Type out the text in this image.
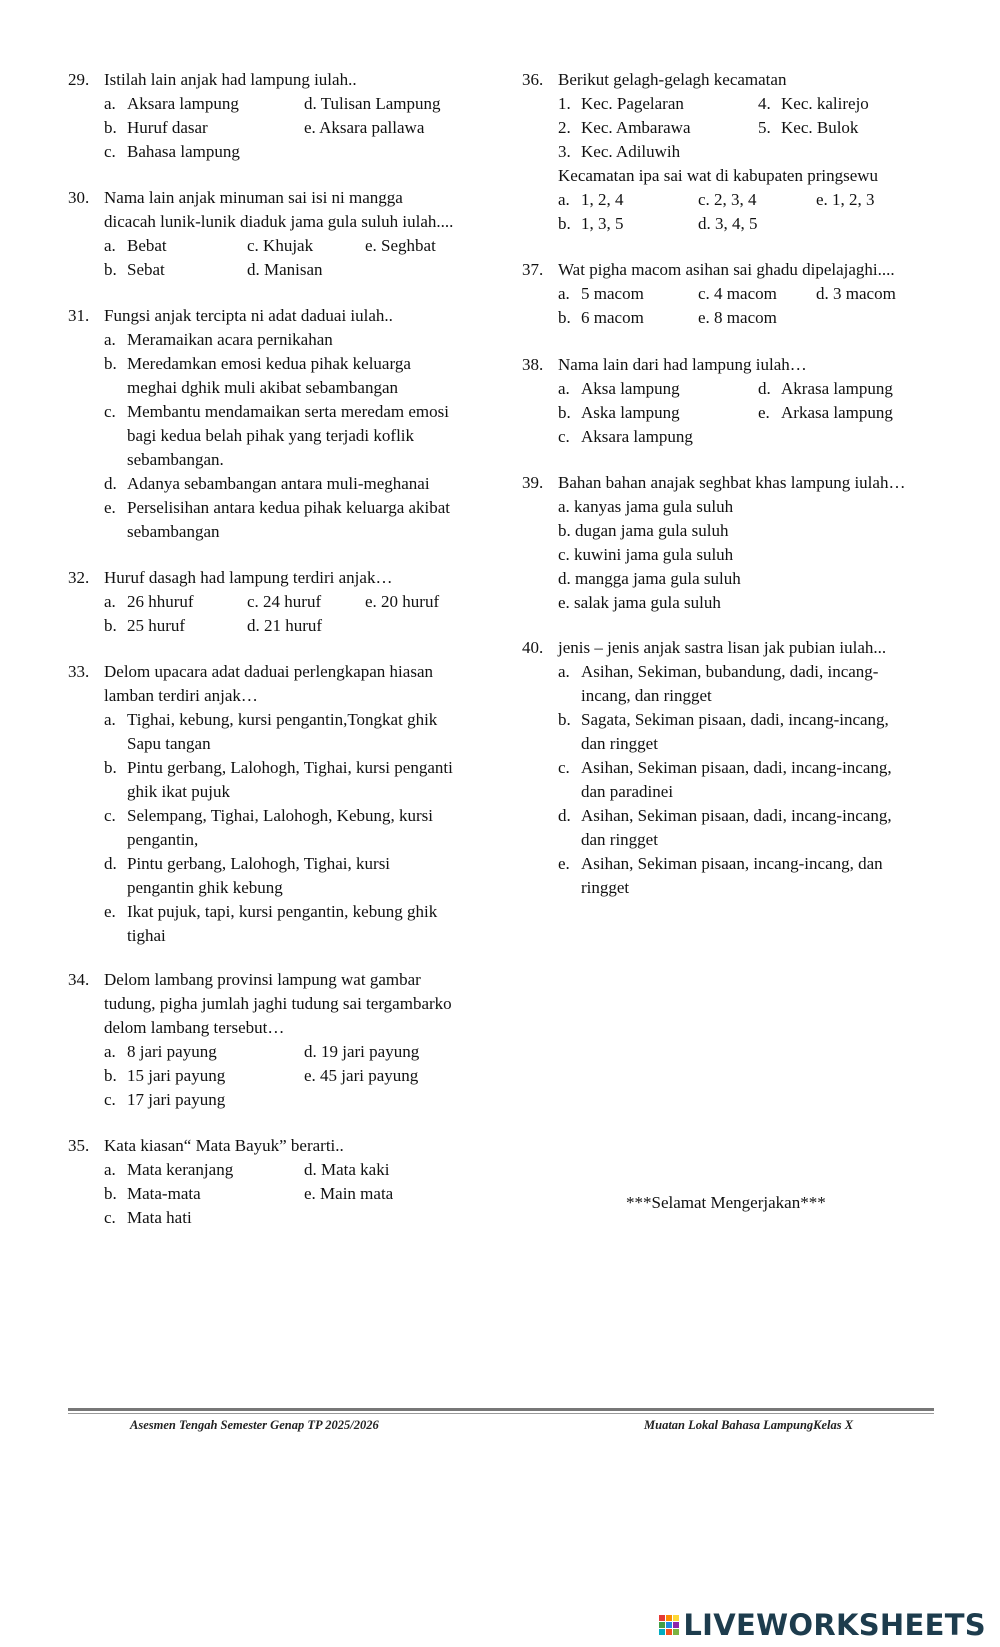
29. Istilah lain anjak had lampung iulah..
a. Aksara lampung	d. Tulisan Lampung
b. Huruf dasar	e. Aksara pallawa
c. Bahasa lampung
30. Nama lain anjak minuman sai isi ni mangga
dicacah lunik-lunik diaduk jama gula suluh iulah....
a. Bebat	c. Khujak	e. Seghbat
b. Sebat	d. Manisan
31. Fungsi anjak tercipta ni adat daduai iulah..
a. Meramaikan acara pernikahan
b. Meredamkan emosi kedua pihak keluarga
meghai dghik muli akibat sebambangan
c. Membantu mendamaikan serta meredam emosi
bagi kedua belah pihak yang terjadi koflik
sebambangan.
d. Adanya sebambangan antara muli-meghanai
e. Perselisihan antara kedua pihak keluarga akibat
sebambangan
32. Huruf dasagh had lampung terdiri anjak…
a. 26 hhuruf	c. 24 huruf	e. 20 huruf
b. 25 huruf	d. 21 huruf
33. Delom upacara adat daduai perlengkapan hiasan
lamban terdiri anjak…
a. Tighai, kebung, kursi pengantin,Tongkat ghik
Sapu tangan
b. Pintu gerbang, Lalohogh, Tighai, kursi penganti
ghik ikat pujuk
c. Selempang, Tighai, Lalohogh, Kebung, kursi
pengantin,
d. Pintu gerbang, Lalohogh, Tighai, kursi
pengantin ghik kebung
e. Ikat pujuk, tapi, kursi pengantin, kebung ghik
tighai
34. Delom lambang provinsi lampung wat gambar
tudung, pigha jumlah jaghi tudung sai tergambarko
delom lambang tersebut…
a. 8 jari payung	d. 19 jari payung
b. 15 jari payung	e. 45 jari payung
c. 17 jari payung
35. Kata kiasan“ Mata Bayuk” berarti..
a. Mata keranjang	d. Mata kaki
b. Mata-mata	e. Main mata
c. Mata hati
36. Berikut gelagh-gelagh kecamatan
1. Kec. Pagelaran	4. Kec. kalirejo
2. Kec. Ambarawa	5. Kec. Bulok
3. Kec. Adiluwih
Kecamatan ipa sai wat di kabupaten pringsewu
a. 1, 2, 4	c. 2, 3, 4	e. 1, 2, 3
b. 1, 3, 5	d. 3, 4, 5
37. Wat pigha macom asihan sai ghadu dipelajaghi....
a. 5 macom	c. 4 macom d. 3 macom
b. 6 macom	e. 8 macom
38. Nama lain dari had lampung iulah…
a. Aksa lampung	d. Akrasa lampung
b. Aska lampung	e. Arkasa lampung
c. Aksara lampung
39. Bahan bahan anajak seghbat khas lampung iulah…
a. kanyas jama gula suluh
b. dugan jama gula suluh
c. kuwini jama gula suluh
d. mangga jama gula suluh
e. salak jama gula suluh
40. jenis – jenis anjak sastra lisan jak pubian iulah...
a. Asihan, Sekiman, bubandung, dadi, incang-
incang, dan ringget
b. Sagata, Sekiman pisaan, dadi, incang-incang,
dan ringget
c. Asihan, Sekiman pisaan, dadi, incang-incang,
dan paradinei
d. Asihan, Sekiman pisaan, dadi, incang-incang,
dan ringget
e. Asihan, Sekiman pisaan, incang-incang, dan
ringget
***Selamat Mengerjakan***
Asesmen Tengah Semester Genap TP 2025/2026	Muatan Lokal Bahasa LampungKelas X
LIVEWORKSHEETS
